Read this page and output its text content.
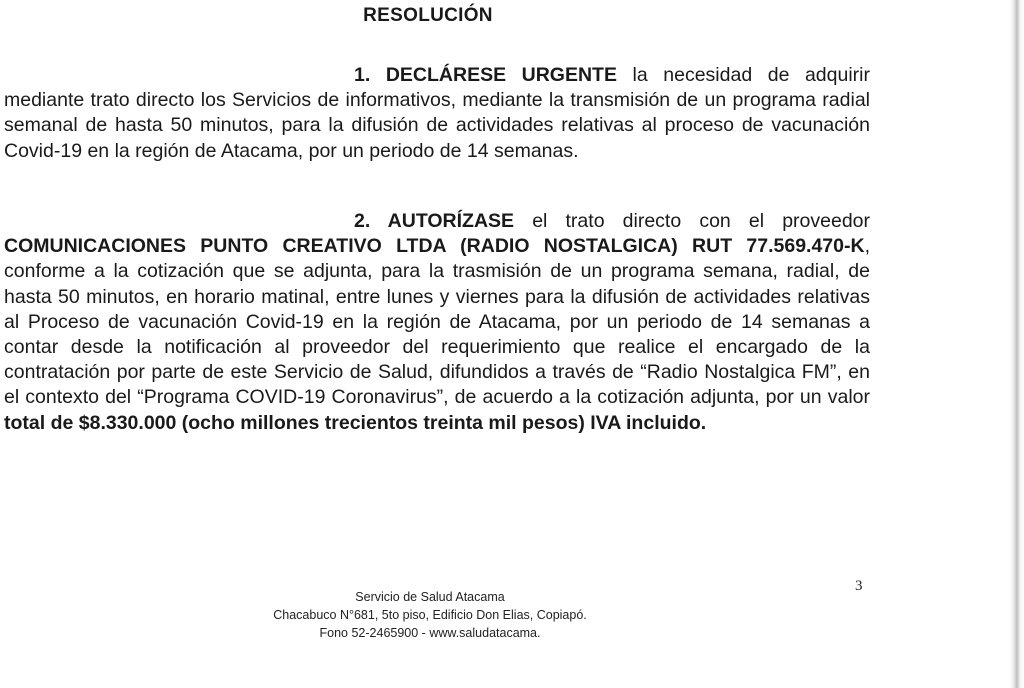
RESOLUCIÓN
1. DECLÁRESE URGENTE la necesidad de adquirir mediante trato directo los Servicios de informativos, mediante la transmisión de un programa radial semanal de hasta 50 minutos, para la difusión de actividades relativas al proceso de vacunación Covid-19 en la región de Atacama, por un periodo de 14 semanas.
2. AUTORÍZASE el trato directo con el proveedor COMUNICACIONES PUNTO CREATIVO LTDA (RADIO NOSTALGICA) RUT 77.569.470-K, conforme a la cotización que se adjunta, para la trasmisión de un programa semana, radial, de hasta 50 minutos, en horario matinal, entre lunes y viernes para la difusión de actividades relativas al Proceso de vacunación Covid-19 en la región de Atacama, por un periodo de 14 semanas a contar desde la notificación al proveedor del requerimiento que realice el encargado de la contratación por parte de este Servicio de Salud, difundidos a través de “Radio Nostalgica FM”, en el contexto del “Programa COVID-19 Coronavirus”, de acuerdo a la cotización adjunta, por un valor total de $8.330.000 (ocho millones trecientos treinta mil pesos) IVA incluido.
3
Servicio de Salud Atacama
Chacabuco N°681, 5to piso, Edificio Don Elias, Copiapó.
Fono 52-2465900 - www.saludatacama.
